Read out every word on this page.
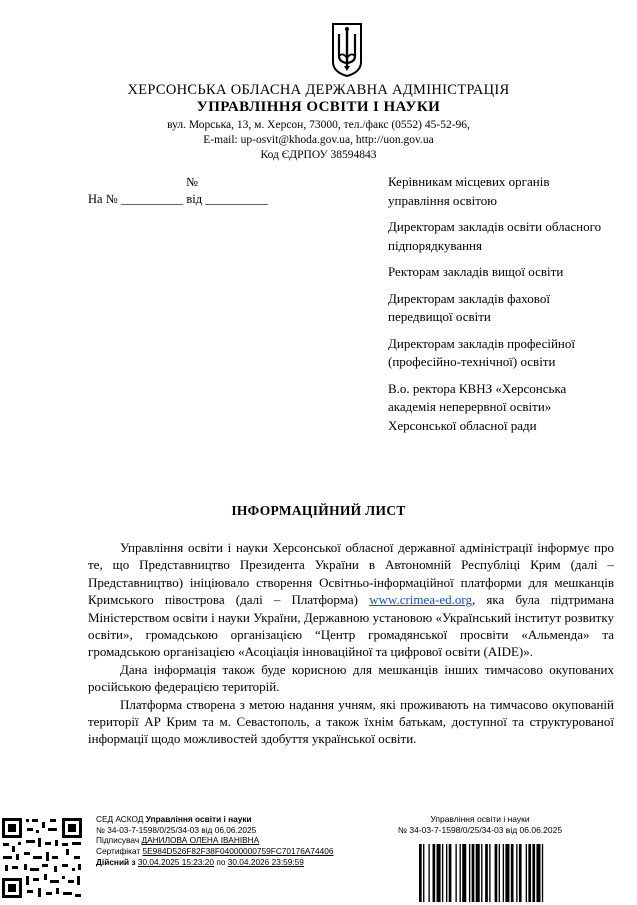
ХЕРСОНСЬКА ОБЛАСНА ДЕРЖАВНА АДМІНІСТРАЦІЯ
УПРАВЛІННЯ ОСВІТИ І НАУКИ
вул. Морська, 13, м. Херсон, 73000, тел./факс (0552) 45-52-96,
E-mail: up-osvit@khoda.gov.ua, http://uon.gov.ua
Код ЄДРПОУ 38594843
№
На № __________ від __________
Керівникам місцевих органів управління освітою
Директорам закладів освіти обласного підпорядкування
Ректорам закладів вищої освіти
Директорам закладів фахової передвищої освіти
Директорам закладів професійної (професійно-технічної) освіти
В.о. ректора КВНЗ «Херсонська академія неперервної освіти» Херсонської обласної ради
ІНФОРМАЦІЙНИЙ ЛИСТ

Управління освіти і науки Херсонської обласної державної адміністрації інформує про те, що Представництво Президента України в Автономній Республіці Крим (далі – Представництво) ініціювало створення Освітньо-інформаційної платформи для мешканців Кримського півострова (далі – Платформа) www.crimea-ed.org, яка була підтримана Міністерством освіти і науки України, Державною установою «Український інститут розвитку освіти», громадською організацією “Центр громадянської просвіти «Альменда» та громадською організацією «Асоціація інноваційної та цифрової освіти (AIDE)».

Дана інформація також буде корисною для мешканців інших тимчасово окупованих російською федерацією територій.

Платформа створена з метою надання учням, які проживають на тимчасово окупованій території АР Крим та м. Севастополь, а також їхнім батькам, доступної та структурованої інформації щодо можливостей здобуття української освіти.

СЕД АСКОД Управління освіти і науки
№ 34-03-7-1598/0/25/34-03 від 06.06.2025
Підписувач ДАНИЛОВА ОЛЕНА ІВАНІВНА
Сертифікат 5E984D526F82F38F04000000759FC70176A74406
Дійсний з 30.04.2025 15:23:20 по 30.04.2026 23:59:59
Управління освіти і науки
№ 34-03-7-1598/0/25/34-03 від 06.06.2025
